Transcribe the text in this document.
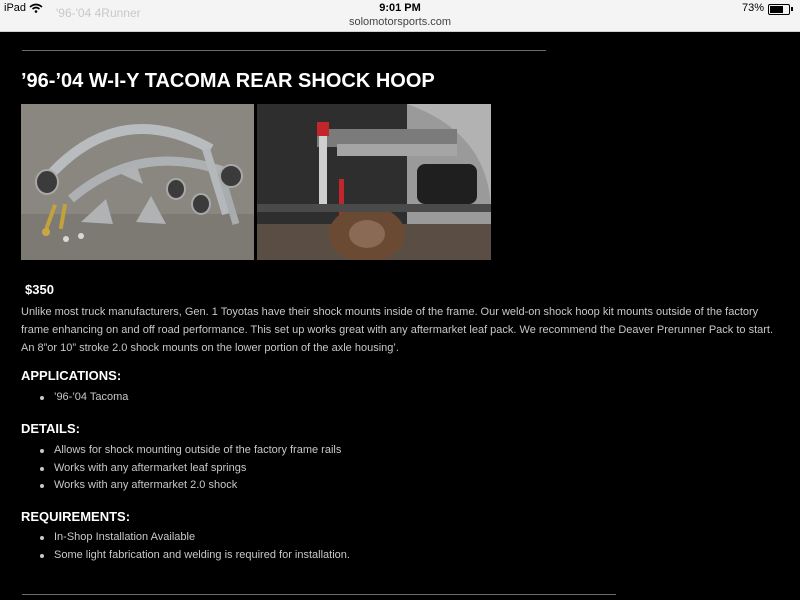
iPad '96-'04 4Runner	9:01 PM	73%
solomotorsports.com
’96-’04 W-I-Y TACOMA REAR SHOCK HOOP
$350

Unlike most truck manufacturers, Gen. 1 Toyotas have their shock mounts inside of the frame. Our weld-on shock hoop kit mounts outside of the factory frame enhancing on and off road performance. This set up works great with any aftermarket leaf pack. We recommend the Deaver Prerunner Pack to start. An 8”or 10” stroke 2.0 shock mounts on the lower portion of the axle housing’.

APPLICATIONS:
’96-’04 Tacoma
DETAILS:
Allows for shock mounting outside of the factory frame rails
Works with any aftermarket leaf springs
Works with any aftermarket 2.0 shock
REQUIREMENTS:
In-Shop Installation Available
Some light fabrication and welding is required for installation.
